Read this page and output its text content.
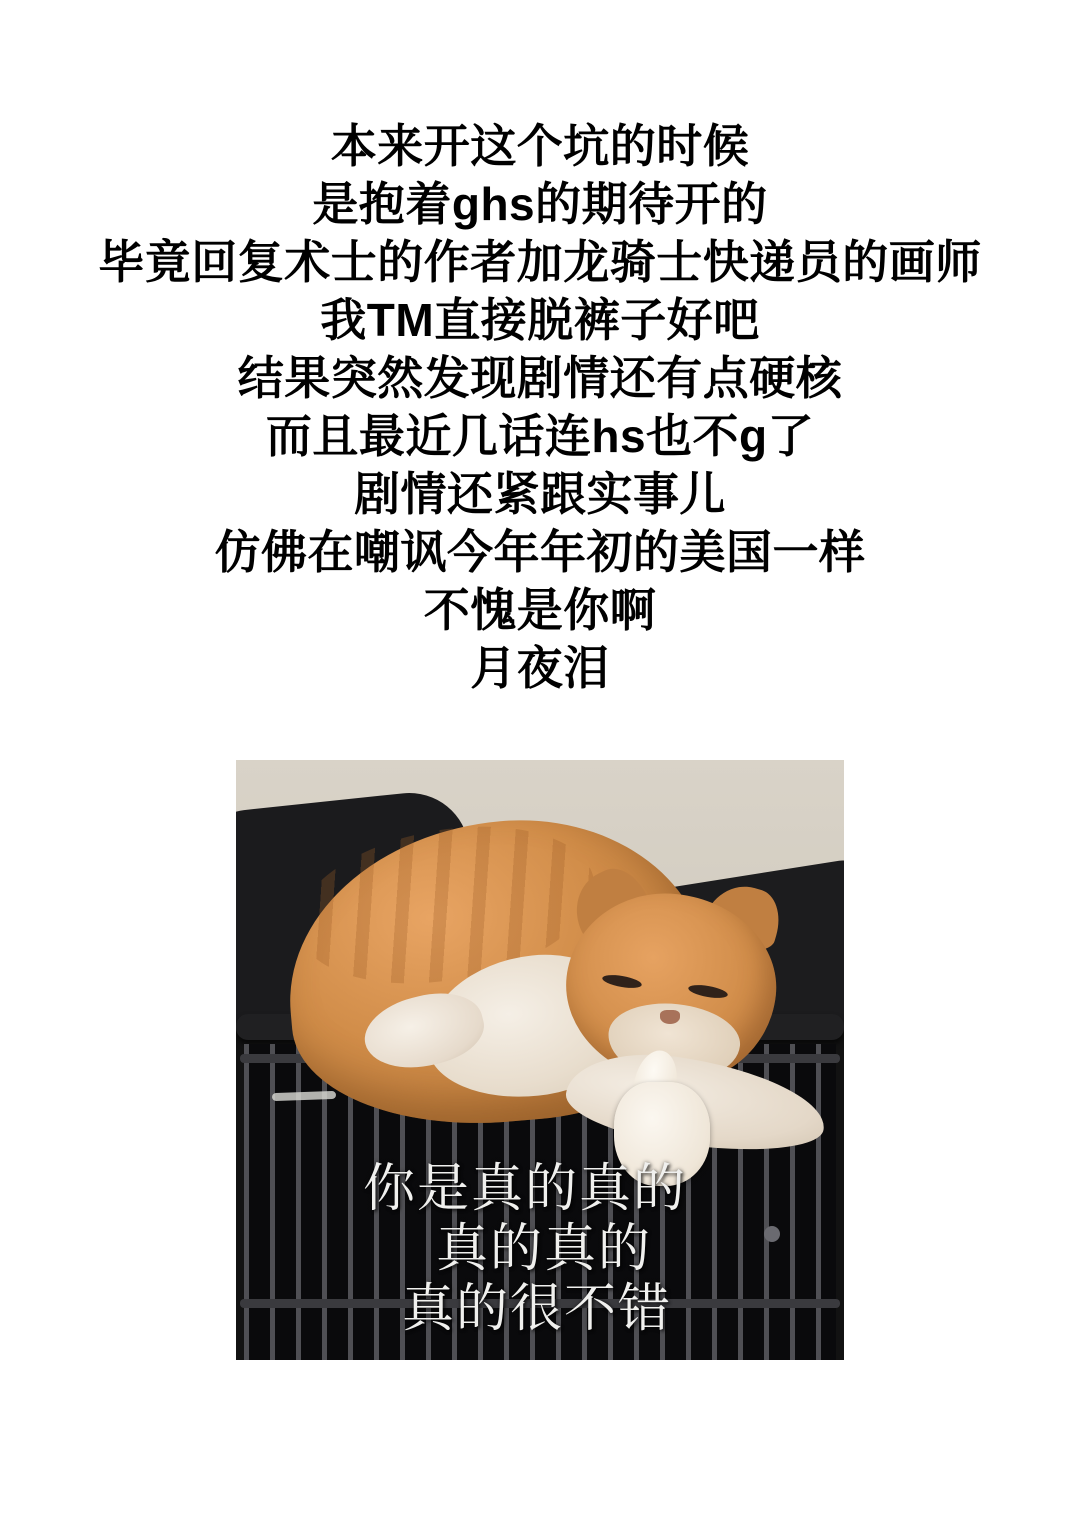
本来开这个坑的时候
是抱着ghs的期待开的
毕竟回复术士的作者加龙骑士快递员的画师
我TM直接脱裤子好吧
结果突然发现剧情还有点硬核
而且最近几话连hs也不g了
剧情还紧跟实事儿
仿佛在嘲讽今年年初的美国一样
不愧是你啊
月夜泪
你是真的真的
真的真的
真的很不错
